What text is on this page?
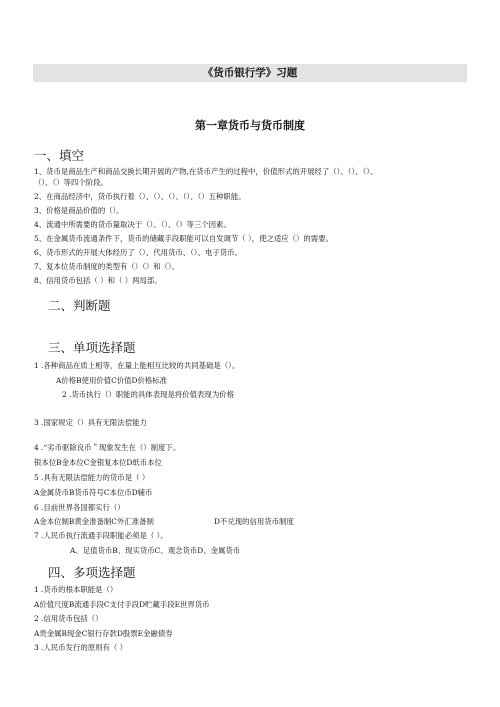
《货币银行学》习题
第一章货币与货币制度
一、填空
1、货币是商品生产和商品交换长期开展的产物,在货币产生的过程中，价值形式的开展经了（）、（）、（）、
（）、（）等四个阶段。
2、在商品经济中，货币执行着（）、（）、（）、（）、（）五种职能。
3、价格是商品价值的（）。
4、流通中所需要的货币量取决于（）、（）、（）等三个因素。
5、在金属货币流通条件下，货币的储藏手段职能可以自发调节（ ），使之适应（）的需要。
6、货币形式的开展大体经历了（）、代用货币、（）、电子货币。
7、复本位货币制度的类型有（）（）和（）。
8、信用货币包括（ ）和（ ）两局部。
二、判断题
三、单项选择题
1 .各种商品在质上相等，在量上能相互比较的共同基础是（）。
A价格B使用价值C价值D价格标准
2 .货币执行（）职能的具体表现是将价值表现为价格
3 .国家规定（）具有无限法偿能力
4 .“劣币驱除良币＂现象发生在（）制度下。
银本位B金本位C金银复本位D纸币本位
5 .具有无限法偿能力的货币是（ ）
A金属货币B货币符号C本位币D辅币
6 .目前世界各国都实行（）
A金本位制B黄金准备制C外汇准备制	D不兑现的信用货币制度
7 .人民币执行流通手段职能必须是（ ）。
A、足值货币B、现实货币C、观念货币D、金属货币
四、多项选择题
1 .货币的根本职能是（）
A价值尺度B流通手段C支付手段D贮藏手段E世界货币
2 .信用货币包括（）
A贵金属B现金C银行存款D股票E金融债券
3 .人民币发行的原则有（ ）
